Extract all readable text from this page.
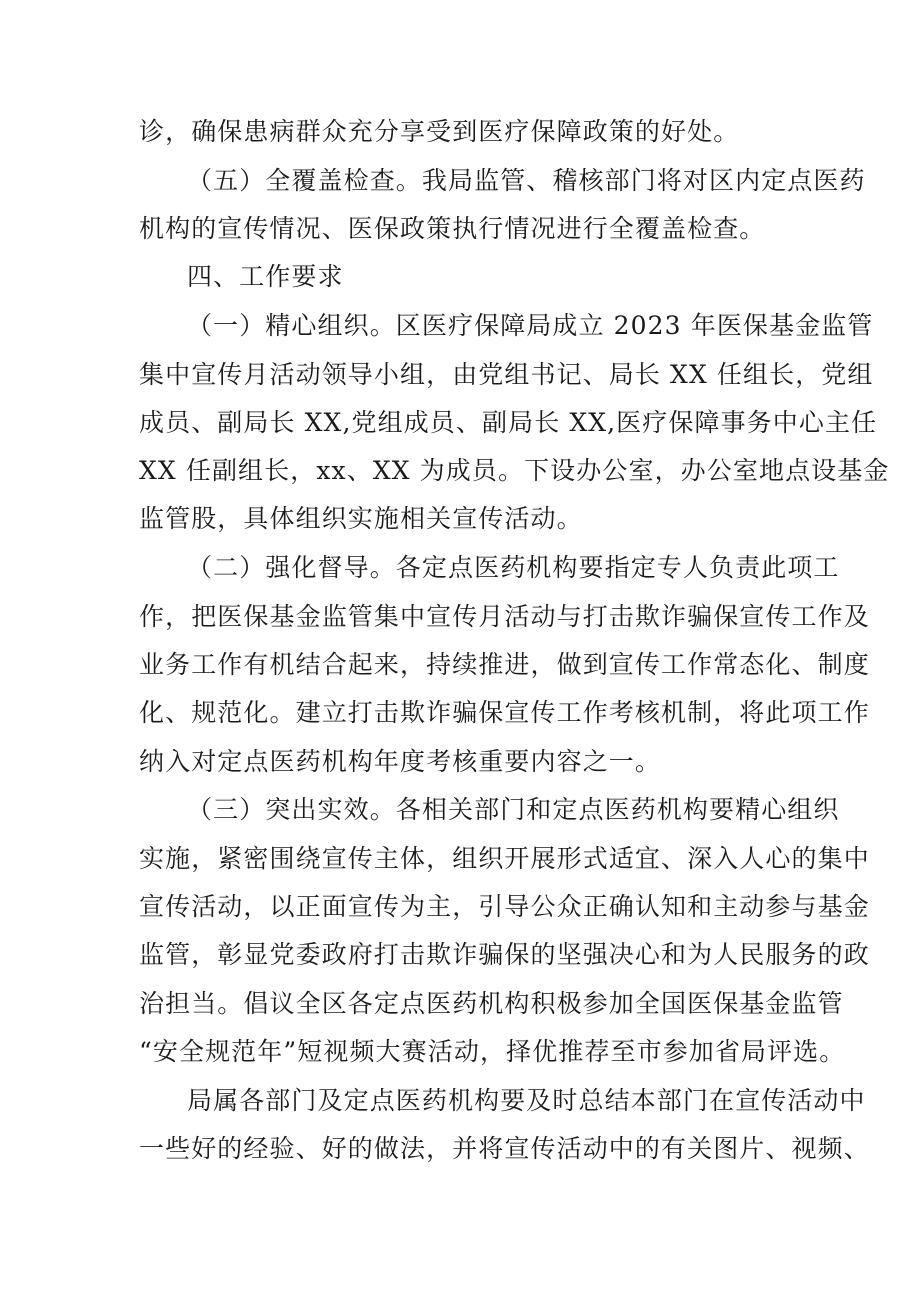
诊，确保患病群众充分享受到医疗保障政策的好处。
（五）全覆盖检查。我局监管、稽核部门将对区内定点医药
机构的宣传情况、医保政策执行情况进行全覆盖检查。
四、工作要求
（一）精心组织。区医疗保障局成立 2023 年医保基金监管
集中宣传月活动领导小组，由党组书记、局长 XX 任组长，党组
成员、副局长 XX,党组成员、副局长 XX,医疗保障事务中心主任
XX 任副组长，xx、XX 为成员。下设办公室，办公室地点设基金
监管股，具体组织实施相关宣传活动。
（二）强化督导。各定点医药机构要指定专人负责此项工
作，把医保基金监管集中宣传月活动与打击欺诈骗保宣传工作及
业务工作有机结合起来，持续推进，做到宣传工作常态化、制度
化、规范化。建立打击欺诈骗保宣传工作考核机制，将此项工作
纳入对定点医药机构年度考核重要内容之一。
（三）突出实效。各相关部门和定点医药机构要精心组织
实施，紧密围绕宣传主体，组织开展形式适宜、深入人心的集中
宣传活动，以正面宣传为主，引导公众正确认知和主动参与基金
监管，彰显党委政府打击欺诈骗保的坚强决心和为人民服务的政
治担当。倡议全区各定点医药机构积极参加全国医保基金监管
“安全规范年”短视频大赛活动，择优推荐至市参加省局评选。
局属各部门及定点医药机构要及时总结本部门在宣传活动中
一些好的经验、好的做法，并将宣传活动中的有关图片、视频、
